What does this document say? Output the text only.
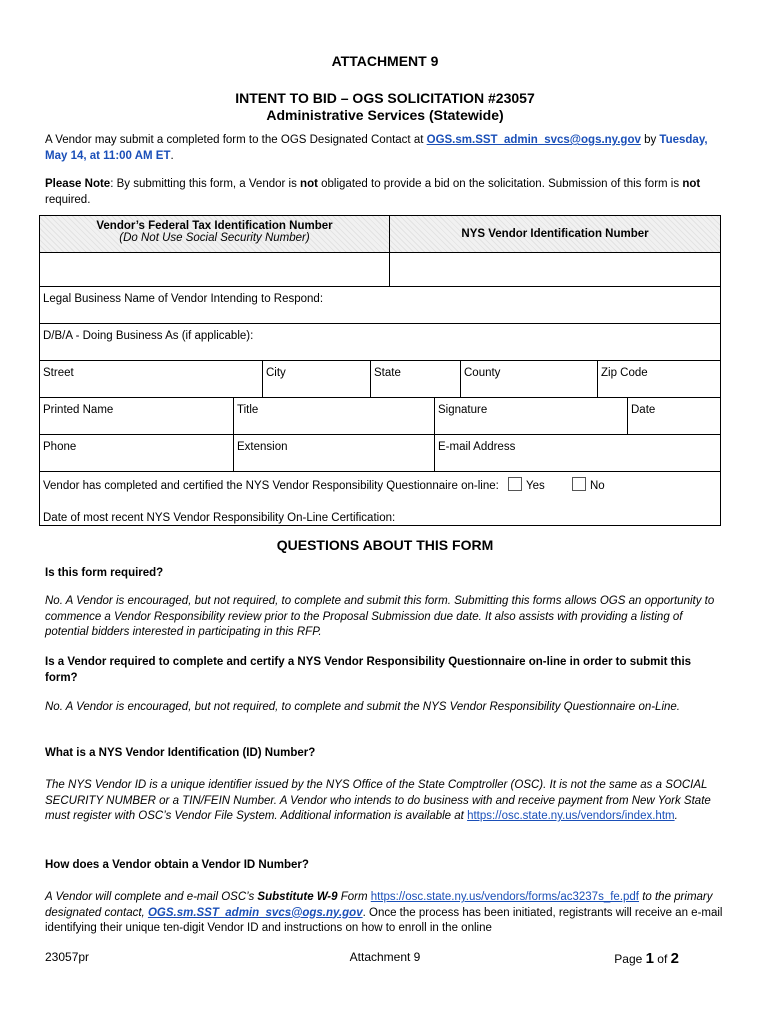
ATTACHMENT 9
INTENT TO BID – OGS SOLICITATION #23057
Administrative Services (Statewide)
A Vendor may submit a completed form to the OGS Designated Contact at OGS.sm.SST_admin_svcs@ogs.ny.gov by Tuesday, May 14, at 11:00 AM ET.
Please Note: By submitting this form, a Vendor is not obligated to provide a bid on the solicitation. Submission of this form is not required.
Vendor’s Federal Tax Identification Number
(Do Not Use Social Security Number)	NYS Vendor Identification Number
Legal Business Name of Vendor Intending to Respond:
D/B/A - Doing Business As (if applicable):
Street	City	State	County	Zip Code
Printed Name	Title	Signature	Date
Phone	Extension	E-mail Address
Vendor has completed and certified the NYS Vendor Responsibility Questionnaire on-line: Yes	No
Date of most recent NYS Vendor Responsibility On-Line Certification:
QUESTIONS ABOUT THIS FORM
Is this form required?
No. A Vendor is encouraged, but not required, to complete and submit this form. Submitting this forms allows OGS an opportunity to commence a Vendor Responsibility review prior to the Proposal Submission due date. It also assists with providing a listing of potential bidders interested in participating in this RFP.
Is a Vendor required to complete and certify a NYS Vendor Responsibility Questionnaire on-line in order to submit this form?
No. A Vendor is encouraged, but not required, to complete and submit the NYS Vendor Responsibility Questionnaire on-Line.
What is a NYS Vendor Identification (ID) Number?
The NYS Vendor ID is a unique identifier issued by the NYS Office of the State Comptroller (OSC). It is not the same as a SOCIAL SECURITY NUMBER or a TIN/FEIN Number. A Vendor who intends to do business with and receive payment from New York State must register with OSC’s Vendor File System. Additional information is available at https://osc.state.ny.us/vendors/index.htm.
How does a Vendor obtain a Vendor ID Number?
A Vendor will complete and e-mail OSC’s Substitute W-9 Form https://osc.state.ny.us/vendors/forms/ac3237s_fe.pdf to the primary designated contact, OGS.sm.SST_admin_svcs@ogs.ny.gov. Once the process has been initiated, registrants will receive an e-mail identifying their unique ten-digit Vendor ID and instructions on how to enroll in the online
23057pr	Attachment 9	Page 1 of 2
